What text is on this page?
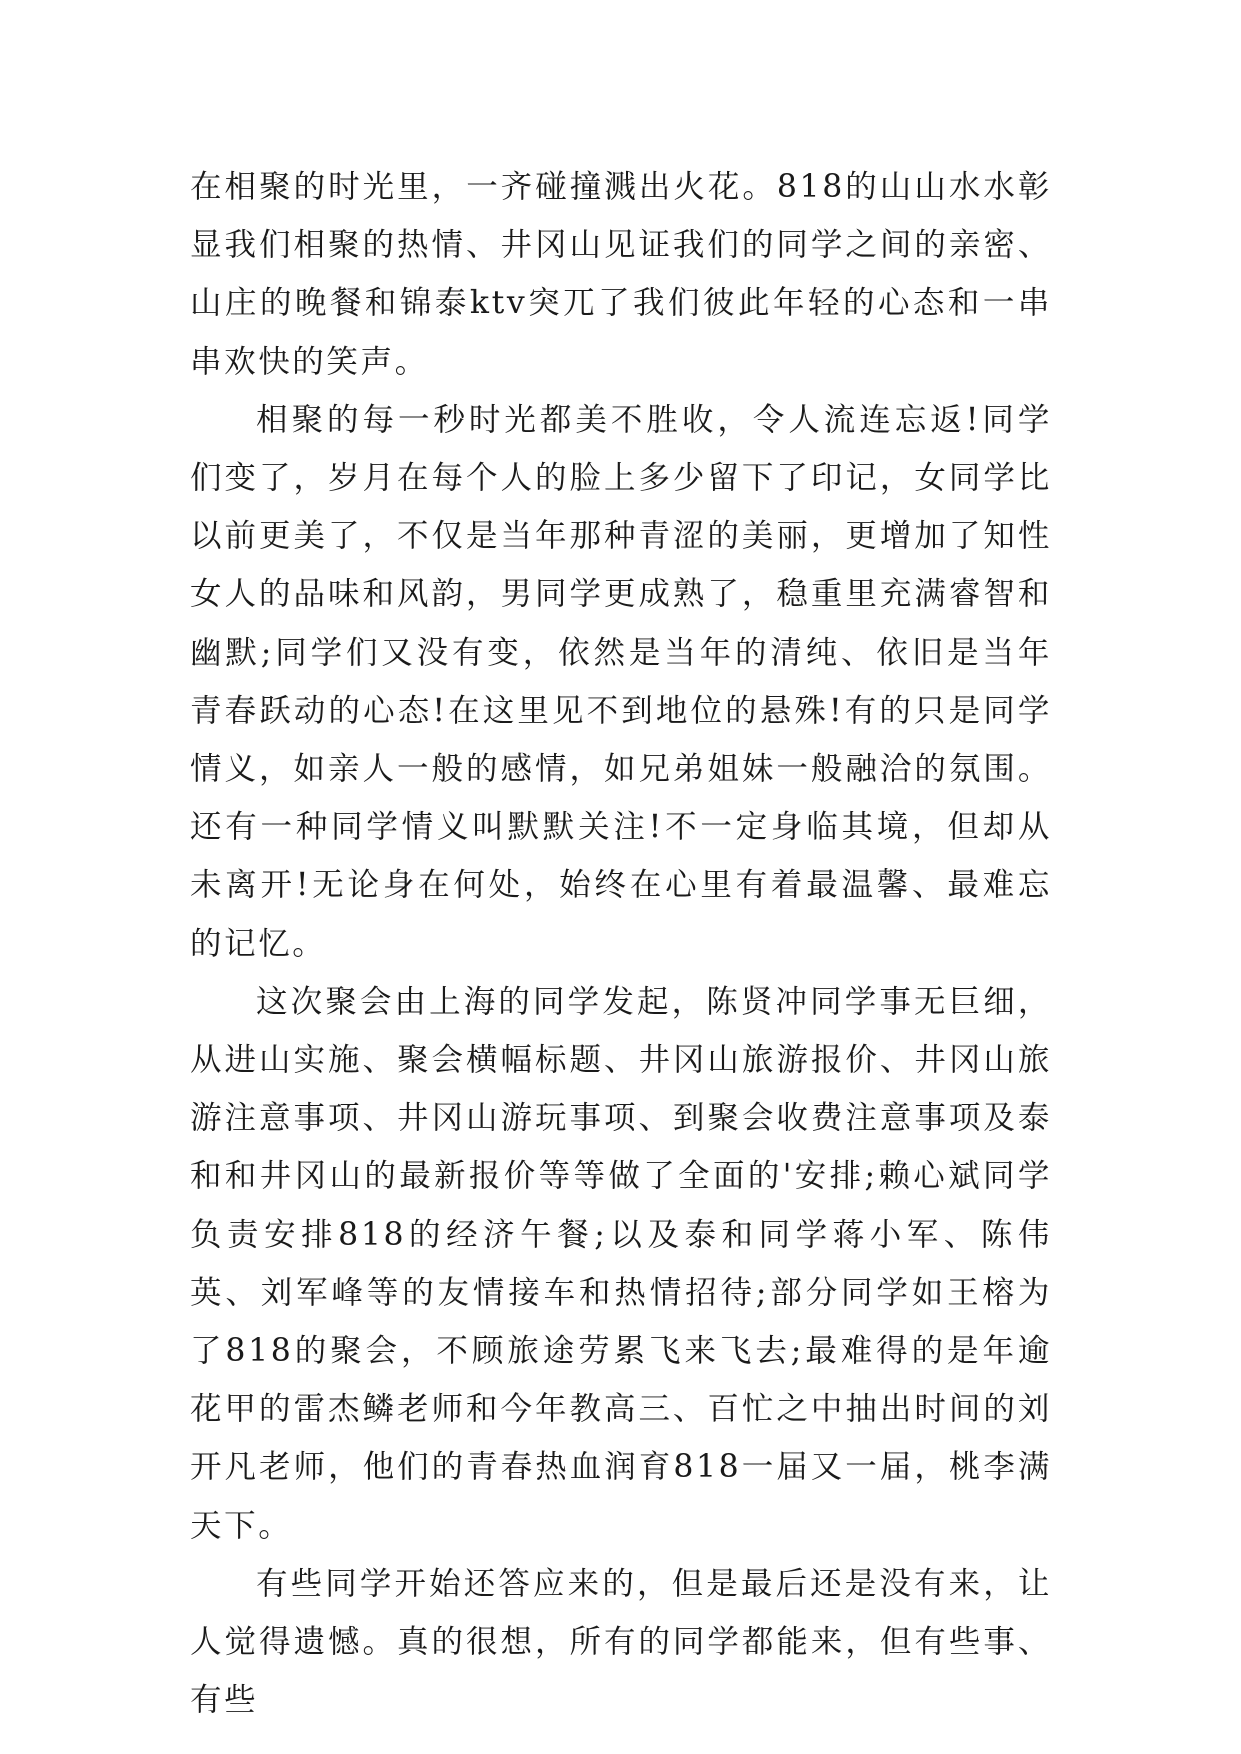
在相聚的时光里，一齐碰撞溅出火花。818的山山水水彰显我们相聚的热情、井冈山见证我们的同学之间的亲密、山庄的晚餐和锦泰ktv突兀了我们彼此年轻的心态和一串串欢快的笑声。

相聚的每一秒时光都美不胜收，令人流连忘返!同学们变了，岁月在每个人的脸上多少留下了印记，女同学比以前更美了，不仅是当年那种青涩的美丽，更增加了知性女人的品味和风韵，男同学更成熟了，稳重里充满睿智和幽默;同学们又没有变，依然是当年的清纯、依旧是当年青春跃动的心态!在这里见不到地位的悬殊!有的只是同学情义，如亲人一般的感情，如兄弟姐妹一般融洽的氛围。还有一种同学情义叫默默关注!不一定身临其境，但却从未离开!无论身在何处，始终在心里有着最温馨、最难忘的记忆。

这次聚会由上海的同学发起，陈贤冲同学事无巨细，从进山实施、聚会横幅标题、井冈山旅游报价、井冈山旅游注意事项、井冈山游玩事项、到聚会收费注意事项及泰和和井冈山的最新报价等等做了全面的'安排;赖心斌同学负责安排818的经济午餐;以及泰和同学蒋小军、陈伟英、刘军峰等的友情接车和热情招待;部分同学如王榕为了818的聚会，不顾旅途劳累飞来飞去;最难得的是年逾花甲的雷杰鳞老师和今年教高三、百忙之中抽出时间的刘开凡老师，他们的青春热血润育818一届又一届，桃李满天下。

有些同学开始还答应来的，但是最后还是没有来，让人觉得遗憾。真的很想，所有的同学都能来，但有些事、有些
